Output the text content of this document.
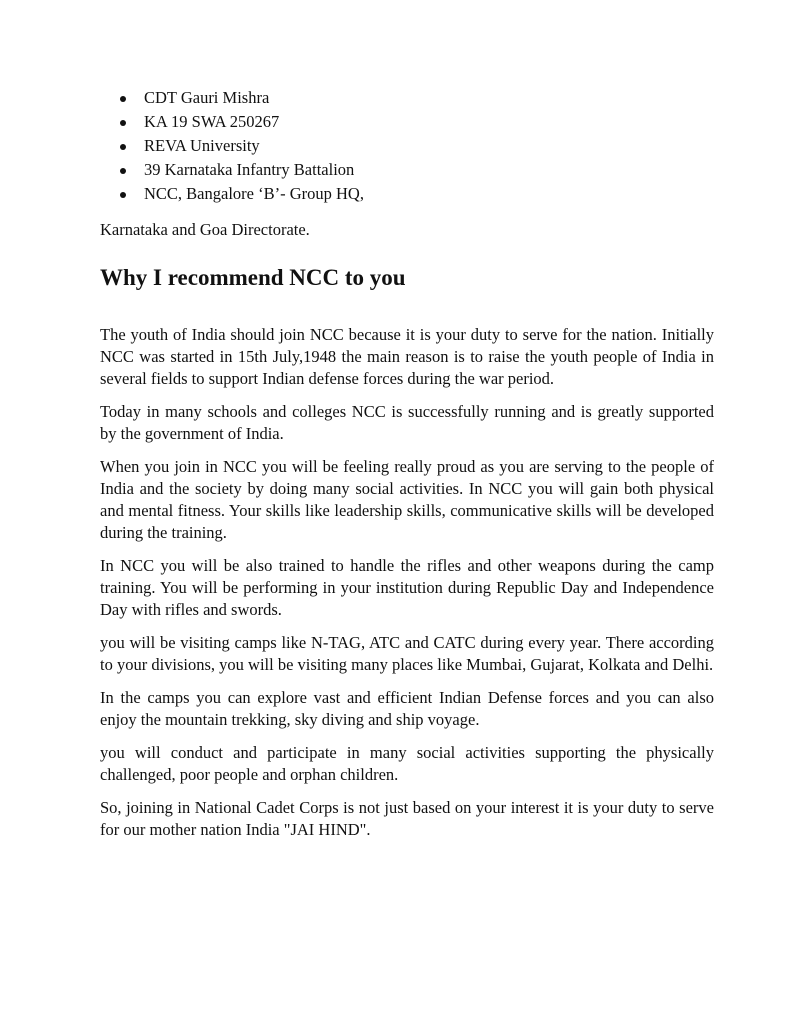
CDT Gauri Mishra
KA 19 SWA 250267
REVA University
39 Karnataka Infantry Battalion
NCC, Bangalore ‘B’- Group HQ,

Karnataka and Goa Directorate.

Why I recommend NCC to you

The youth of India should join NCC because it is your duty to serve for the nation. Initially NCC was started in 15th July,1948 the main reason is to raise the youth people of India in several fields to support Indian defense forces during the war period.

Today in many schools and colleges NCC is successfully running and is greatly supported by the government of India.

When you join in NCC you will be feeling really proud as you are serving to the people of India and the society by doing many social activities. In NCC you will gain both physical and mental fitness. Your skills like leadership skills, communicative skills will be developed during the training.

In NCC you will be also trained to handle the rifles and other weapons during the camp training. You will be performing in your institution during Republic Day and Independence Day with rifles and swords.

you will be visiting camps like N-TAG, ATC and CATC during every year. There according to your divisions, you will be visiting many places like Mumbai, Gujarat, Kolkata and Delhi.

In the camps you can explore vast and efficient Indian Defense forces and you can also enjoy the mountain trekking, sky diving and ship voyage.

you will conduct and participate in many social activities supporting the physically challenged, poor people and orphan children.

So, joining in National Cadet Corps is not just based on your interest it is your duty to serve for our mother nation India "JAI HIND".
